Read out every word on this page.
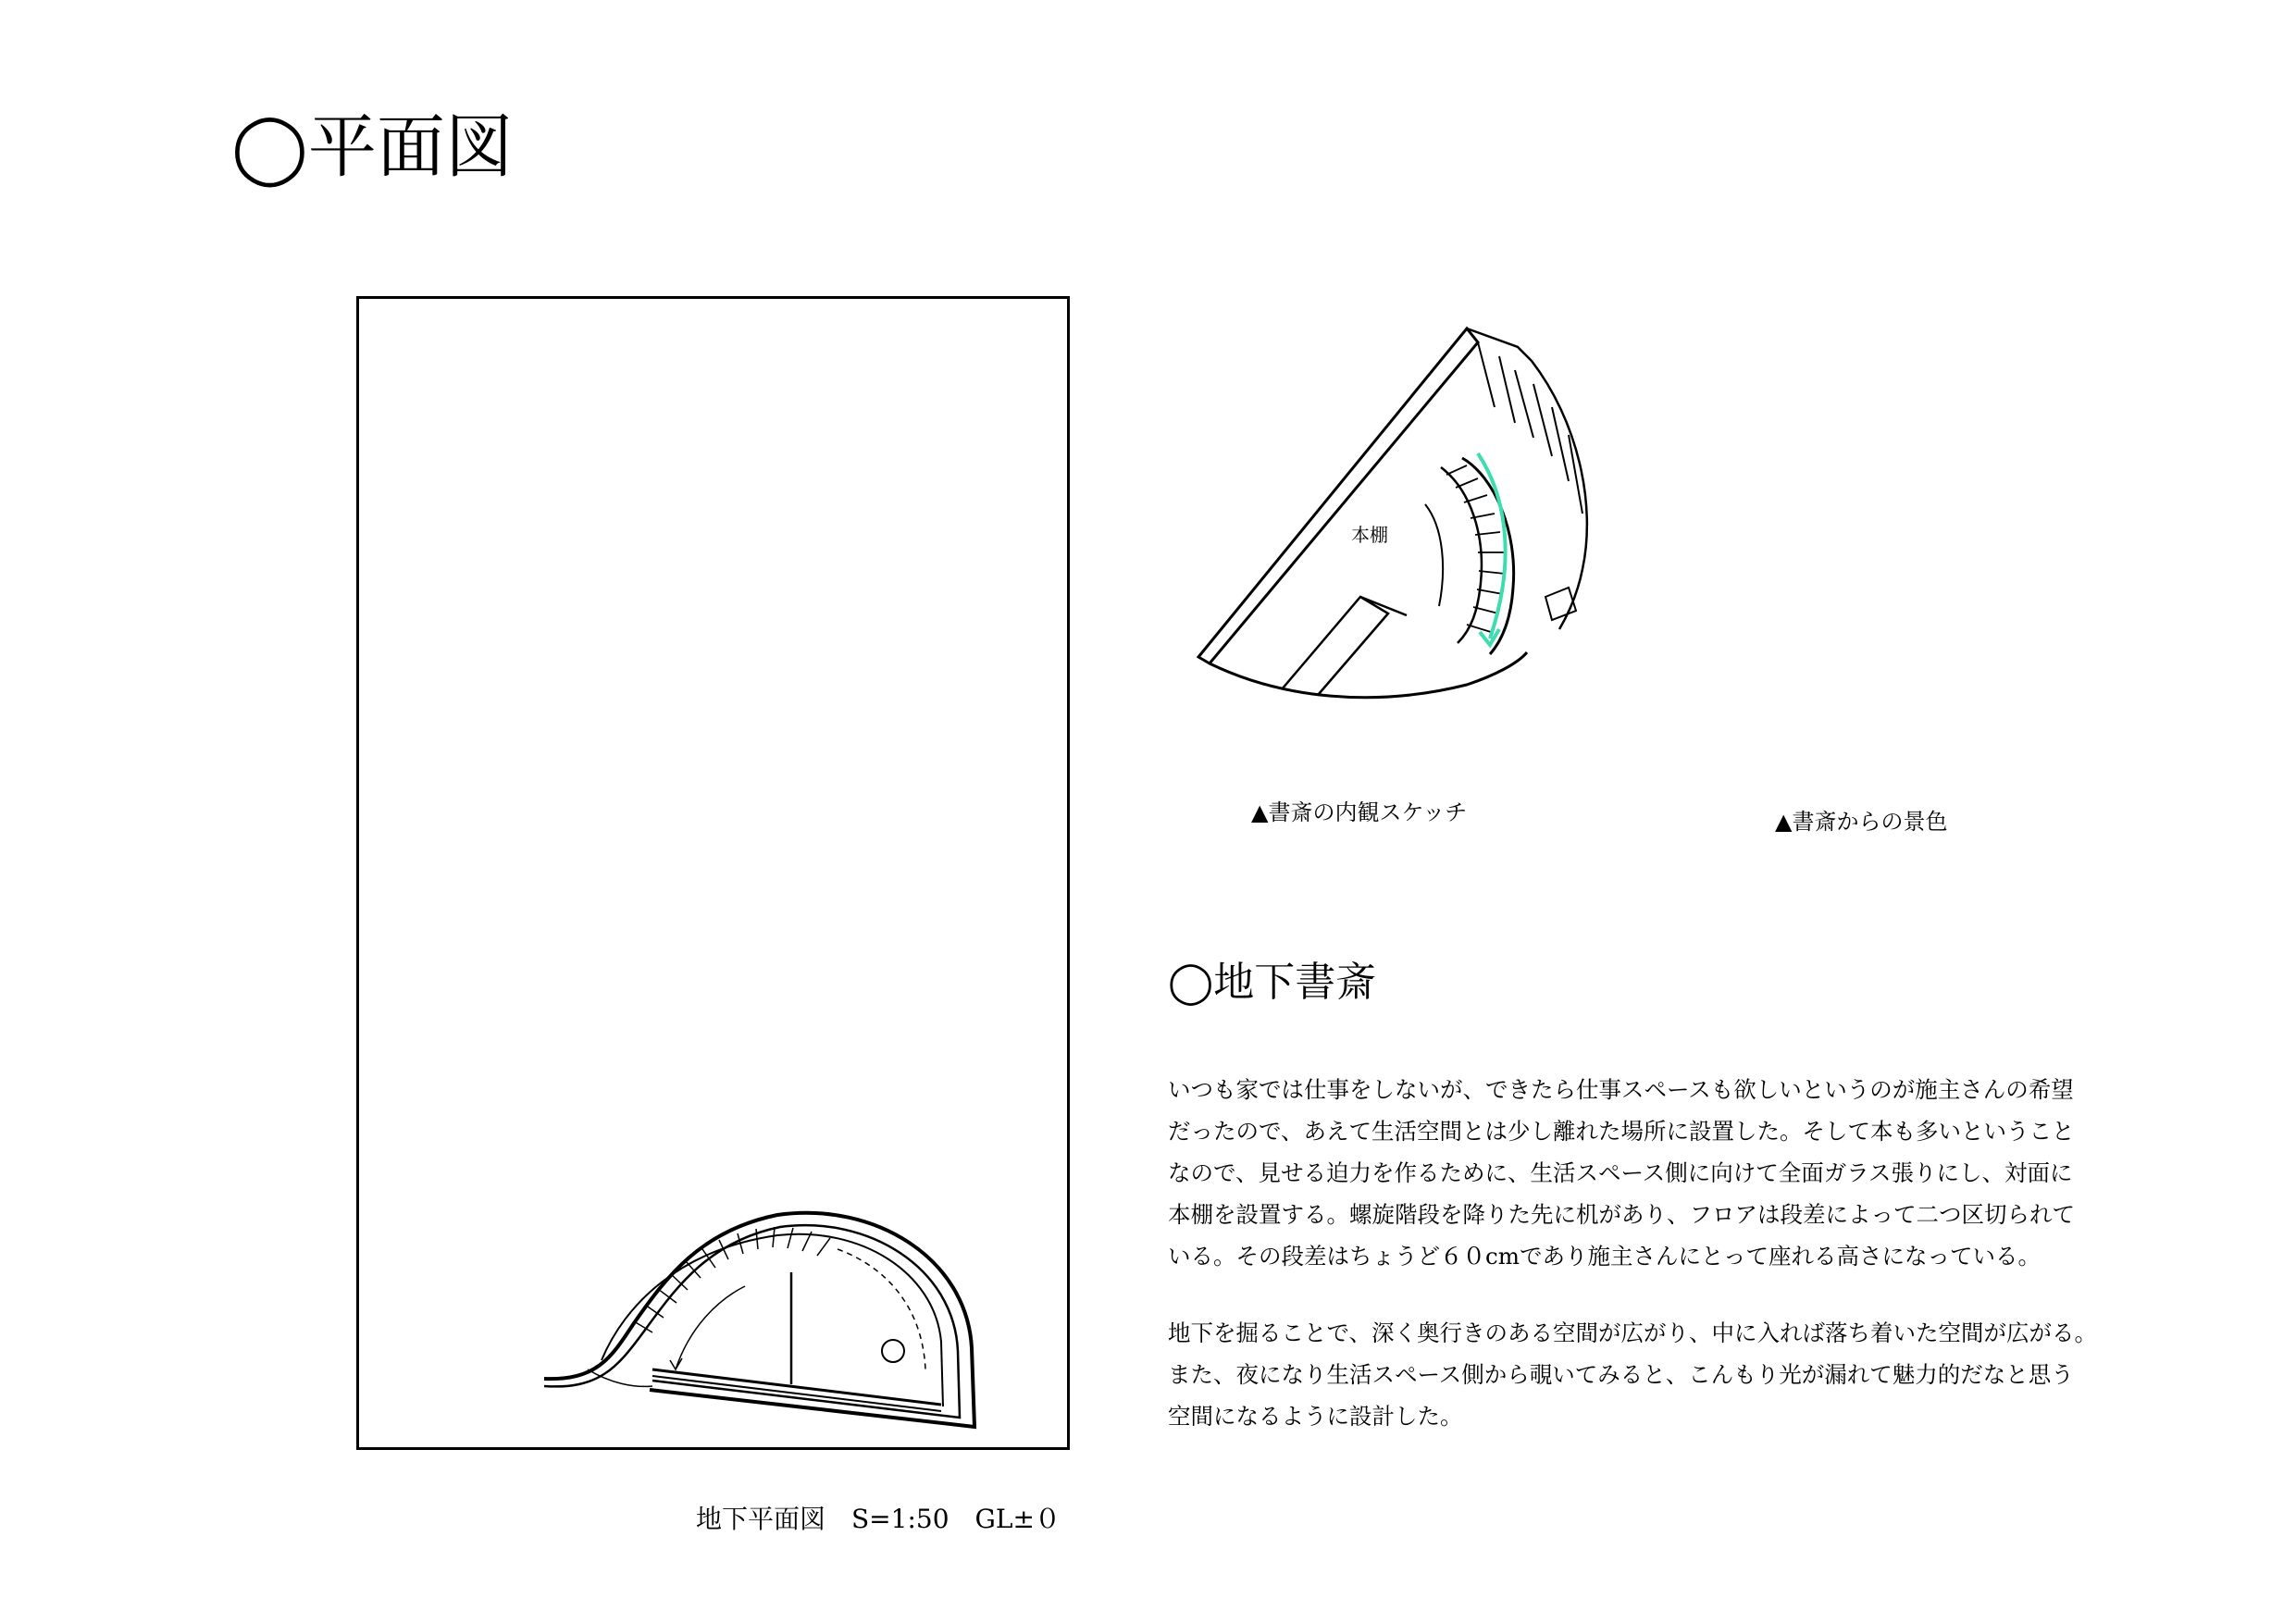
◯平面図
地下平面図　S=1:50　GL±０
本棚
▲書斎の内観スケッチ	▲書斎からの景色
◯地下書斎
いつも家では仕事をしないが、できたら仕事スペースも欲しいというのが施主さんの希望
だったので、あえて生活空間とは少し離れた場所に設置した。そして本も多いということ
なので、見せる迫力を作るために、生活スペース側に向けて全面ガラス張りにし、対面に
本棚を設置する。螺旋階段を降りた先に机があり、フロアは段差によって二つ区切られて
いる。その段差はちょうど６０cmであり施主さんにとって座れる高さになっている。
地下を掘ることで、深く奥行きのある空間が広がり、中に入れば落ち着いた空間が広がる。
また、夜になり生活スペース側から覗いてみると、こんもり光が漏れて魅力的だなと思う
空間になるように設計した。
